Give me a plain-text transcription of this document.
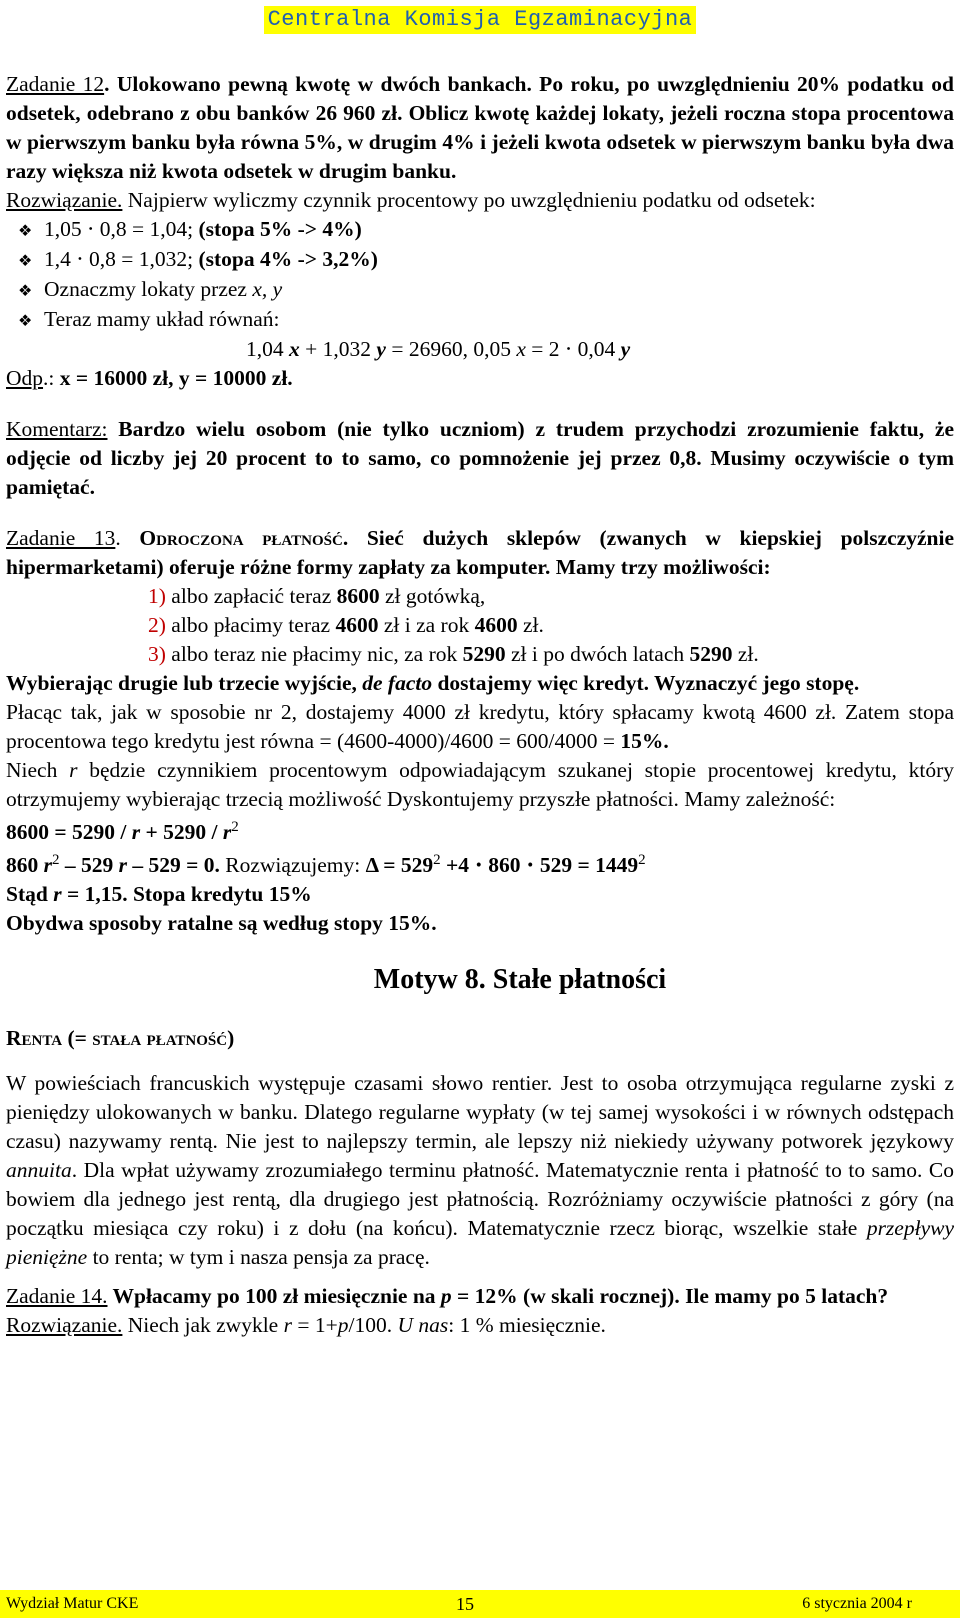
Centralna Komisja Egzaminacyjna

Zadanie 12. Ulokowano pewną kwotę w dwóch bankach. Po roku, po uwzględnieniu 20% podatku od odsetek, odebrano z obu banków 26 960 zł. Oblicz kwotę każdej lokaty, jeżeli roczna stopa procentowa w pierwszym banku była równa 5%, w drugim 4% i jeżeli kwota odsetek w pierwszym banku była dwa razy większa niż kwota odsetek w drugim banku.

Rozwiązanie. Najpierw wyliczmy czynnik procentowy po uwzględnieniu podatku od odsetek:

❖ 1,05 ⋅ 0,8 = 1,04; (stopa 5% -> 4%)
❖ 1,4 ⋅ 0,8 = 1,032; (stopa 4% -> 3,2%)
❖ Oznaczmy lokaty przez x, y
❖ Teraz mamy układ równań:

1,04 x + 1,032 y = 26960, 0,05 x = 2 ⋅ 0,04 y

Odp.: x = 16000 zł, y = 10000 zł.

Komentarz: Bardzo wielu osobom (nie tylko uczniom) z trudem przychodzi zrozumienie faktu, że odjęcie od liczby jej 20 procent to to samo, co pomnożenie jej przez 0,8. Musimy oczywiście o tym pamiętać.

Zadanie 13. Odroczona płatność. Sieć dużych sklepów (zwanych w kiepskiej polszczyźnie hipermarketami) oferuje różne formy zapłaty za komputer. Mamy trzy możliwości:

1) albo zapłacić teraz 8600 zł gotówką,

2) albo płacimy teraz 4600 zł i za rok 4600 zł.

3) albo teraz nie płacimy nic, za rok 5290 zł i po dwóch latach 5290 zł.

Wybierając drugie lub trzecie wyjście, de facto dostajemy więc kredyt. Wyznaczyć jego stopę.

Płacąc tak, jak w sposobie nr 2, dostajemy 4000 zł kredytu, który spłacamy kwotą 4600 zł. Zatem stopa procentowa tego kredytu jest równa = (4600-4000)/4600 = 600/4000 = 15%.

Niech r będzie czynnikiem procentowym odpowiadającym szukanej stopie procentowej kredytu, który otrzymujemy wybierając trzecią możliwość Dyskontujemy przyszłe płatności. Mamy zależność:

$8600 = 5290 / r + 5290 / r^2$

860 $r^2 - 529$ r – 529 = 0. Rozwiązujemy: $\Delta = 529^2 +4 \cdot 860 \cdot 529 = 1449^2$

Stąd r = 1,15. Stopa kredytu 15%

Obydwa sposoby ratalne są według stopy 15%.

Motyw 8. Stałe płatności

Renta (= stała płatność)

W powieściach francuskich występuje czasami słowo rentier. Jest to osoba otrzymująca regularne zyski z pieniędzy ulokowanych w banku. Dlatego regularne wypłaty (w tej samej wysokości i w równych odstępach czasu) nazywamy rentą. Nie jest to najlepszy termin, ale lepszy niż niekiedy używany potworek językowy annuita. Dla wpłat używamy zrozumiałego terminu płatność. Matematycznie renta i płatność to to samo. Co bowiem dla jednego jest rentą, dla drugiego jest płatnością. Rozróżniamy oczywiście płatności z góry (na początku miesiąca czy roku) i z dołu (na końcu). Matematycznie rzecz biorąc, wszelkie stałe przepływy pieniężne to renta; w tym i nasza pensja za pracę.

Zadanie 14. Wpłacamy po 100 zł miesięcznie na p = 12% (w skali rocznej). Ile mamy po 5 latach?

Rozwiązanie. Niech jak zwykle r = 1+p/100. U nas: 1 % miesięcznie.

Wydział Matur CKE	15	6 stycznia 2004 r
